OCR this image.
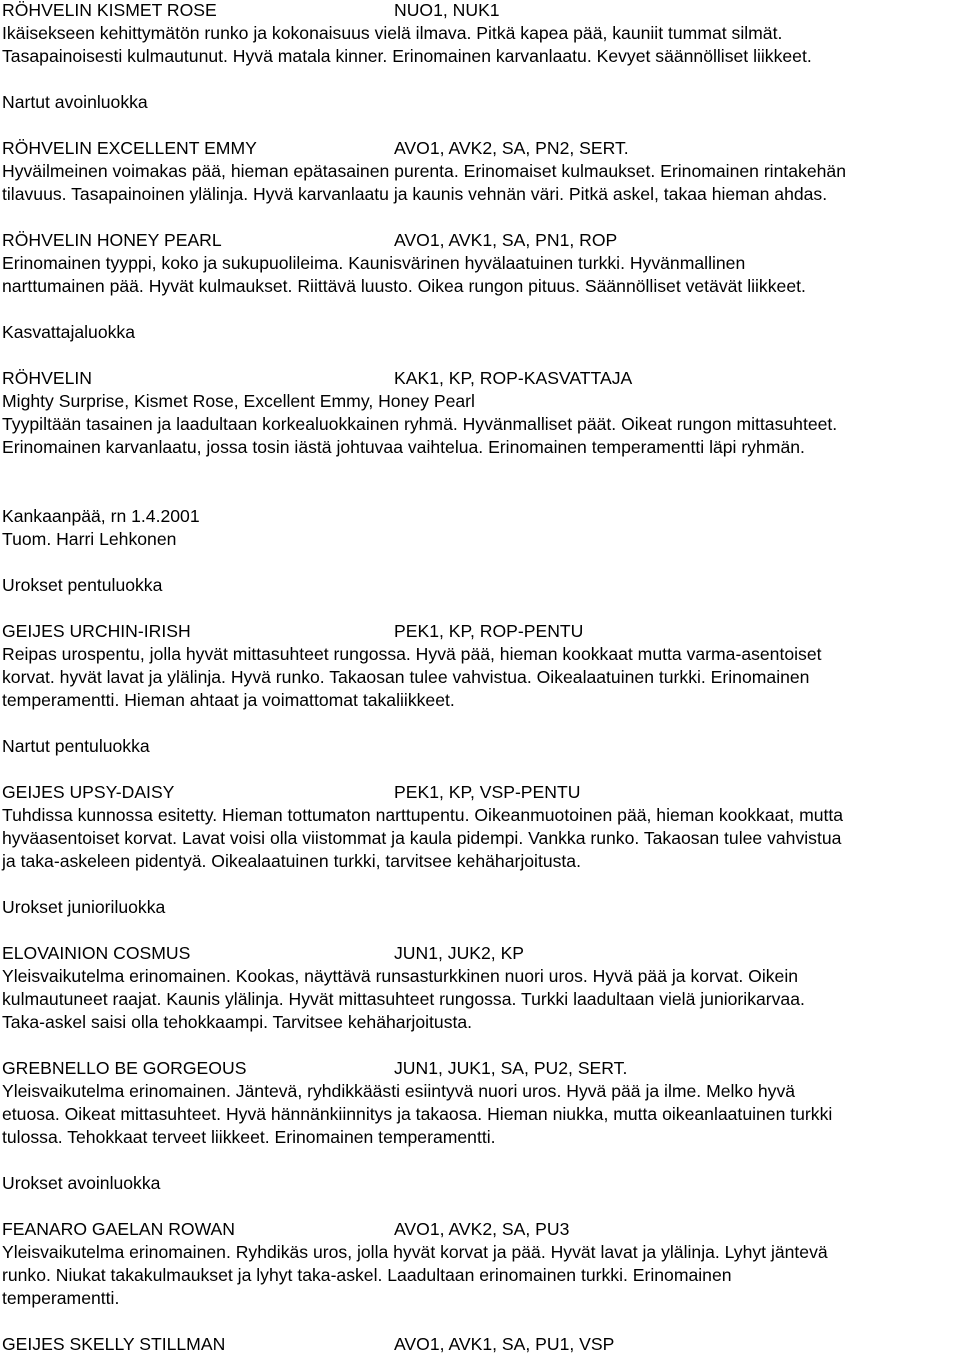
RÖHVELIN KISMET ROSE	NUO1, NUK1
Ikäisekseen kehittymätön runko ja kokonaisuus vielä ilmava. Pitkä kapea pää, kauniit tummat silmät.
Tasapainoisesti kulmautunut. Hyvä matala kinner. Erinomainen karvanlaatu. Kevyet säännölliset liikkeet.
Nartut avoinluokka
RÖHVELIN EXCELLENT EMMY	AVO1, AVK2, SA, PN2, SERT.
Hyväilmeinen voimakas pää, hieman epätasainen purenta. Erinomaiset kulmaukset. Erinomainen rintakehän
tilavuus. Tasapainoinen ylälinja. Hyvä karvanlaatu ja kaunis vehnän väri. Pitkä askel, takaa hieman ahdas.
RÖHVELIN HONEY PEARL	AVO1, AVK1, SA, PN1, ROP
Erinomainen tyyppi, koko ja sukupuolileima. Kaunisvärinen hyvälaatuinen turkki. Hyvänmallinen
narttumainen pää. Hyvät kulmaukset. Riittävä luusto. Oikea rungon pituus. Säännölliset vetävät liikkeet.
Kasvattajaluokka
RÖHVELIN	KAK1, KP, ROP-KASVATTAJA
Mighty Surprise, Kismet Rose, Excellent Emmy, Honey Pearl
Tyypiltään tasainen ja laadultaan korkealuokkainen ryhmä. Hyvänmalliset päät. Oikeat rungon mittasuhteet.
Erinomainen karvanlaatu, jossa tosin iästä johtuvaa vaihtelua. Erinomainen temperamentti läpi ryhmän.
Kankaanpää, rn 1.4.2001
Tuom. Harri Lehkonen
Urokset pentuluokka
GEIJES URCHIN-IRISH	PEK1, KP, ROP-PENTU
Reipas urospentu, jolla hyvät mittasuhteet rungossa. Hyvä pää, hieman kookkaat mutta varma-asentoiset
korvat. hyvät lavat ja ylälinja. Hyvä runko. Takaosan tulee vahvistua. Oikealaatuinen turkki. Erinomainen
temperamentti. Hieman ahtaat ja voimattomat takaliikkeet.
Nartut pentuluokka
GEIJES UPSY-DAISY	PEK1, KP, VSP-PENTU
Tuhdissa kunnossa esitetty. Hieman tottumaton narttupentu. Oikeanmuotoinen pää, hieman kookkaat, mutta
hyväasentoiset korvat. Lavat voisi olla viistommat ja kaula pidempi. Vankka runko. Takaosan tulee vahvistua
ja taka-askeleen pidentyä. Oikealaatuinen turkki, tarvitsee kehäharjoitusta.
Urokset junioriluokka
ELOVAINION COSMUS	JUN1, JUK2, KP
Yleisvaikutelma erinomainen. Kookas, näyttävä runsasturkkinen nuori uros. Hyvä pää ja korvat. Oikein
kulmautuneet raajat. Kaunis ylälinja. Hyvät mittasuhteet rungossa. Turkki laadultaan vielä juniorikarvaa.
Taka-askel saisi olla tehokkaampi. Tarvitsee kehäharjoitusta.
GREBNELLO BE GORGEOUS	JUN1, JUK1, SA, PU2, SERT.
Yleisvaikutelma erinomainen. Jäntevä, ryhdikkäästi esiintyvä nuori uros. Hyvä pää ja ilme. Melko hyvä
etuosa. Oikeat mittasuhteet. Hyvä hännänkiinnitys ja takaosa. Hieman niukka, mutta oikeanlaatuinen turkki
tulossa. Tehokkaat terveet liikkeet. Erinomainen temperamentti.
Urokset avoinluokka
FEANARO GAELAN ROWAN	AVO1, AVK2, SA, PU3
Yleisvaikutelma erinomainen. Ryhdikäs uros, jolla hyvät korvat ja pää. Hyvät lavat ja ylälinja. Lyhyt jäntevä
runko. Niukat takakulmaukset ja lyhyt taka-askel. Laadultaan erinomainen turkki. Erinomainen
temperamentti.
GEIJES SKELLY STILLMAN	AVO1, AVK1, SA, PU1, VSP
